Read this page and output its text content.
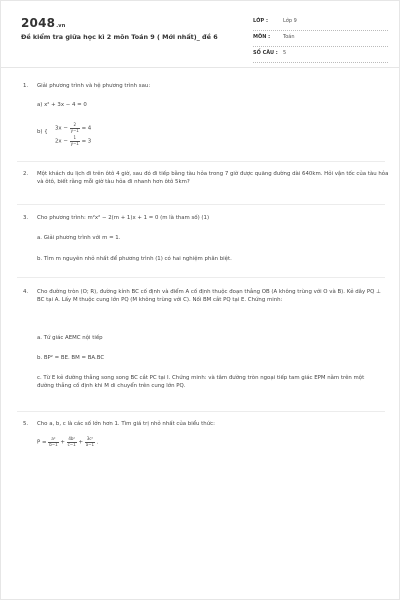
2048.vn
Đề kiểm tra giữa học kì 2 môn Toán 9 ( Mới nhất)_ đề 6
LỚP :	Lớp 9
MÔN :	Toán
SỐ CÂU : 5
1. Giải phương trình và hệ phương trình sau:
a) x² + 3x − 4 = 0
b) {
$3x - \frac{2}{y-1} = 4$
$2x - \frac{1}{y-1} = 3$
2. Một khách du lịch đi trên ôtô 4 giờ, sau đó đi tiếp bằng tàu hỏa trong 7 giờ được quãng đường dài 640km. Hỏi vận tốc của tàu hỏa và ôtô, biết rằng mỗi giờ tàu hỏa đi nhanh hơn ôtô 5km?
3. Cho phương trình: m²x² − 2(m + 1)x + 1 = 0 (m là tham số) (1)
a. Giải phương trình với m = 1.
b. Tìm m nguyên nhỏ nhất để phương trình (1) có hai nghiệm phân biệt.
4. Cho đường tròn (O; R), đường kính BC cố định và điểm A cố định thuộc đoạn thẳng OB (A không trùng với O và B). Kẻ dây PQ ⊥ BC tại A. Lấy M thuộc cung lớn PQ (M không trùng với C). Nối BM cắt PQ tại E. Chứng minh:
a. Tứ giác AEMC nội tiếp
b. BP² = BE. BM = BA.BC
c. Từ E kẻ đường thẳng song song BC cắt PC tại I. Chứng minh: và tâm đường tròn ngoại tiếp tam giác EPM nằm trên một đường thẳng cố định khi M di chuyển trên cung lớn PQ.
5. Cho a, b, c là các số lớn hơn 1. Tìm giá trị nhỏ nhất của biểu thức:
$P = \frac{\text{a²}}{b-1} + \frac{\text{4b²}}{c-1} + \frac{\text{3c²}}{a-1}$ .
